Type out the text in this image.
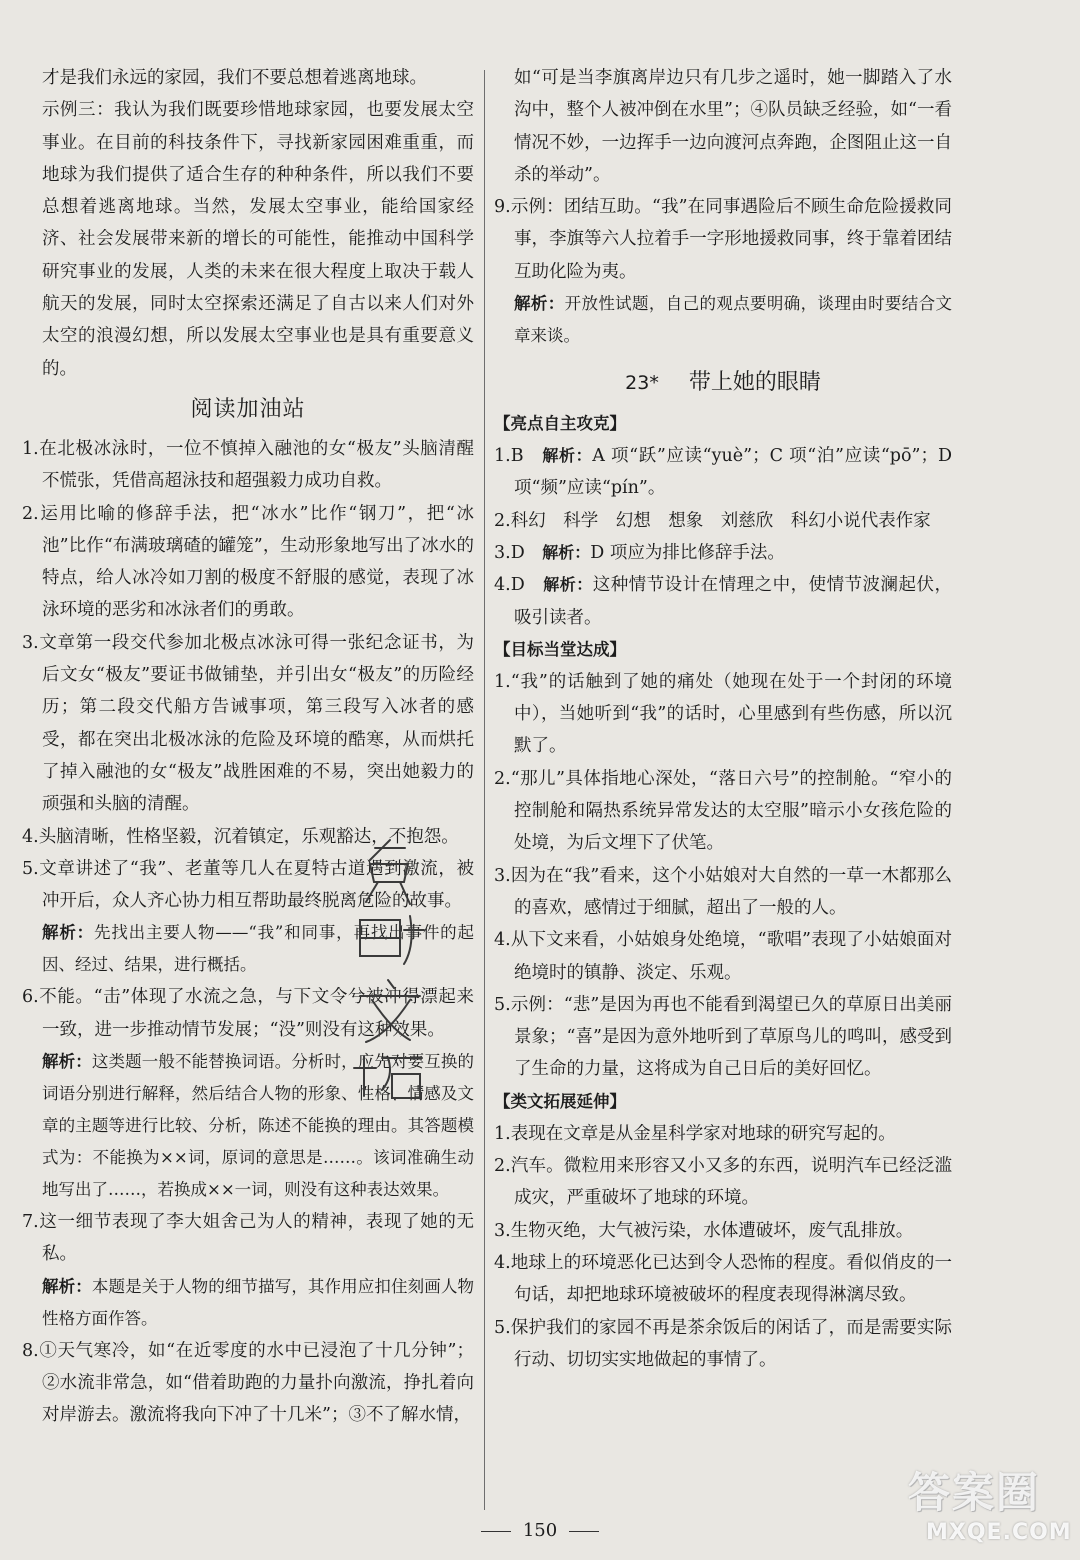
才是我们永远的家园，我们不要总想着逃离地球。

示例三：我认为我们既要珍惜地球家园，也要发展太空事业。在目前的科技条件下，寻找新家园困难重重，而地球为我们提供了适合生存的种种条件，所以我们不要总想着逃离地球。当然，发展太空事业，能给国家经济、社会发展带来新的增长的可能性，能推动中国科学研究事业的发展，人类的未来在很大程度上取决于载人航天的发展，同时太空探索还满足了自古以来人们对外太空的浪漫幻想，所以发展太空事业也是具有重要意义的。

阅读加油站

1.在北极冰泳时，一位不慎掉入融池的女“极友”头脑清醒不慌张，凭借高超泳技和超强毅力成功自救。

2.运用比喻的修辞手法，把“冰水”比作“钢刀”，把“冰池”比作“布满玻璃碴的罐笼”，生动形象地写出了冰水的特点，给人冰冷如刀割的极度不舒服的感觉，表现了冰泳环境的恶劣和冰泳者们的勇敢。

3.文章第一段交代参加北极点冰泳可得一张纪念证书，为后文女“极友”要证书做铺垫，并引出女“极友”的历险经历；第二段交代船方告诫事项，第三段写入冰者的感受，都在突出北极冰泳的危险及环境的酷寒，从而烘托了掉入融池的女“极友”战胜困难的不易，突出她毅力的顽强和头脑的清醒。

4.头脑清晰，性格坚毅，沉着镇定，乐观豁达，不抱怨。

5.文章讲述了“我”、老董等几人在夏特古道遇到激流，被冲开后，众人齐心协力相互帮助最终脱离危险的故事。

解析：先找出主要人物——“我”和同事，再找出事件的起因、经过、结果，进行概括。

6.不能。“击”体现了水流之急，与下文令兮被冲得漂起来一致，进一步推动情节发展；“没”则没有这种效果。

解析：这类题一般不能替换词语。分析时，应先对要互换的词语分别进行解释，然后结合人物的形象、性格、情感及文章的主题等进行比较、分析，陈述不能换的理由。其答题模式为：不能换为××词，原词的意思是……。该词准确生动地写出了……，若换成××一词，则没有这种表达效果。

7.这一细节表现了李大姐舍己为人的精神，表现了她的无私。

解析：本题是关于人物的细节描写，其作用应扣住刻画人物性格方面作答。

8.①天气寒冷，如“在近零度的水中已浸泡了十几分钟”；②水流非常急，如“借着助跑的力量扑向激流，挣扎着向对岸游去。激流将我向下冲了十几米”；③不了解水情，

如“可是当李旗离岸边只有几步之遥时，她一脚踏入了水沟中，整个人被冲倒在水里”；④队员缺乏经验，如“一看情况不妙，一边挥手一边向渡河点奔跑，企图阻止这一自杀的举动”。

9.示例：团结互助。“我”在同事遇险后不顾生命危险援救同事，李旗等六人拉着手一字形地援救同事，终于靠着团结互助化险为夷。

解析：开放性试题，自己的观点要明确，谈理由时要结合文章来谈。

23* 带上她的眼睛

【亮点自主攻克】

1.B　解析：A 项“跃”应读“yuè”；C 项“泊”应读“pō”；D 项“频”应读“pín”。

2.科幻　科学　幻想　想象　刘慈欣　科幻小说代表作家

3.D　解析：D 项应为排比修辞手法。

4.D　解析：这种情节设计在情理之中，使情节波澜起伏，吸引读者。

【目标当堂达成】

1.“我”的话触到了她的痛处（她现在处于一个封闭的环境中），当她听到“我”的话时，心里感到有些伤感，所以沉默了。

2.“那儿”具体指地心深处，“落日六号”的控制舱。“窄小的控制舱和隔热系统异常发达的太空服”暗示小女孩危险的处境，为后文埋下了伏笔。

3.因为在“我”看来，这个小姑娘对大自然的一草一木都那么的喜欢，感情过于细腻，超出了一般的人。

4.从下文来看，小姑娘身处绝境，“歌唱”表现了小姑娘面对绝境时的镇静、淡定、乐观。

5.示例：“悲”是因为再也不能看到渴望已久的草原日出美丽景象；“喜”是因为意外地听到了草原鸟儿的鸣叫，感受到了生命的力量，这将成为自己日后的美好回忆。

【类文拓展延伸】

1.表现在文章是从金星科学家对地球的研究写起的。

2.汽车。微粒用来形容又小又多的东西，说明汽车已经泛滥成灾，严重破坏了地球的环境。

3.生物灭绝，大气被污染，水体遭破坏，废气乱排放。

4.地球上的环境恶化已达到令人恐怖的程度。看似俏皮的一句话，却把地球环境被破坏的程度表现得淋漓尽致。

5.保护我们的家园不再是茶余饭后的闲话了，而是需要实际行动、切切实实地做起的事情了。

答案圈
MXQE.COM
150
